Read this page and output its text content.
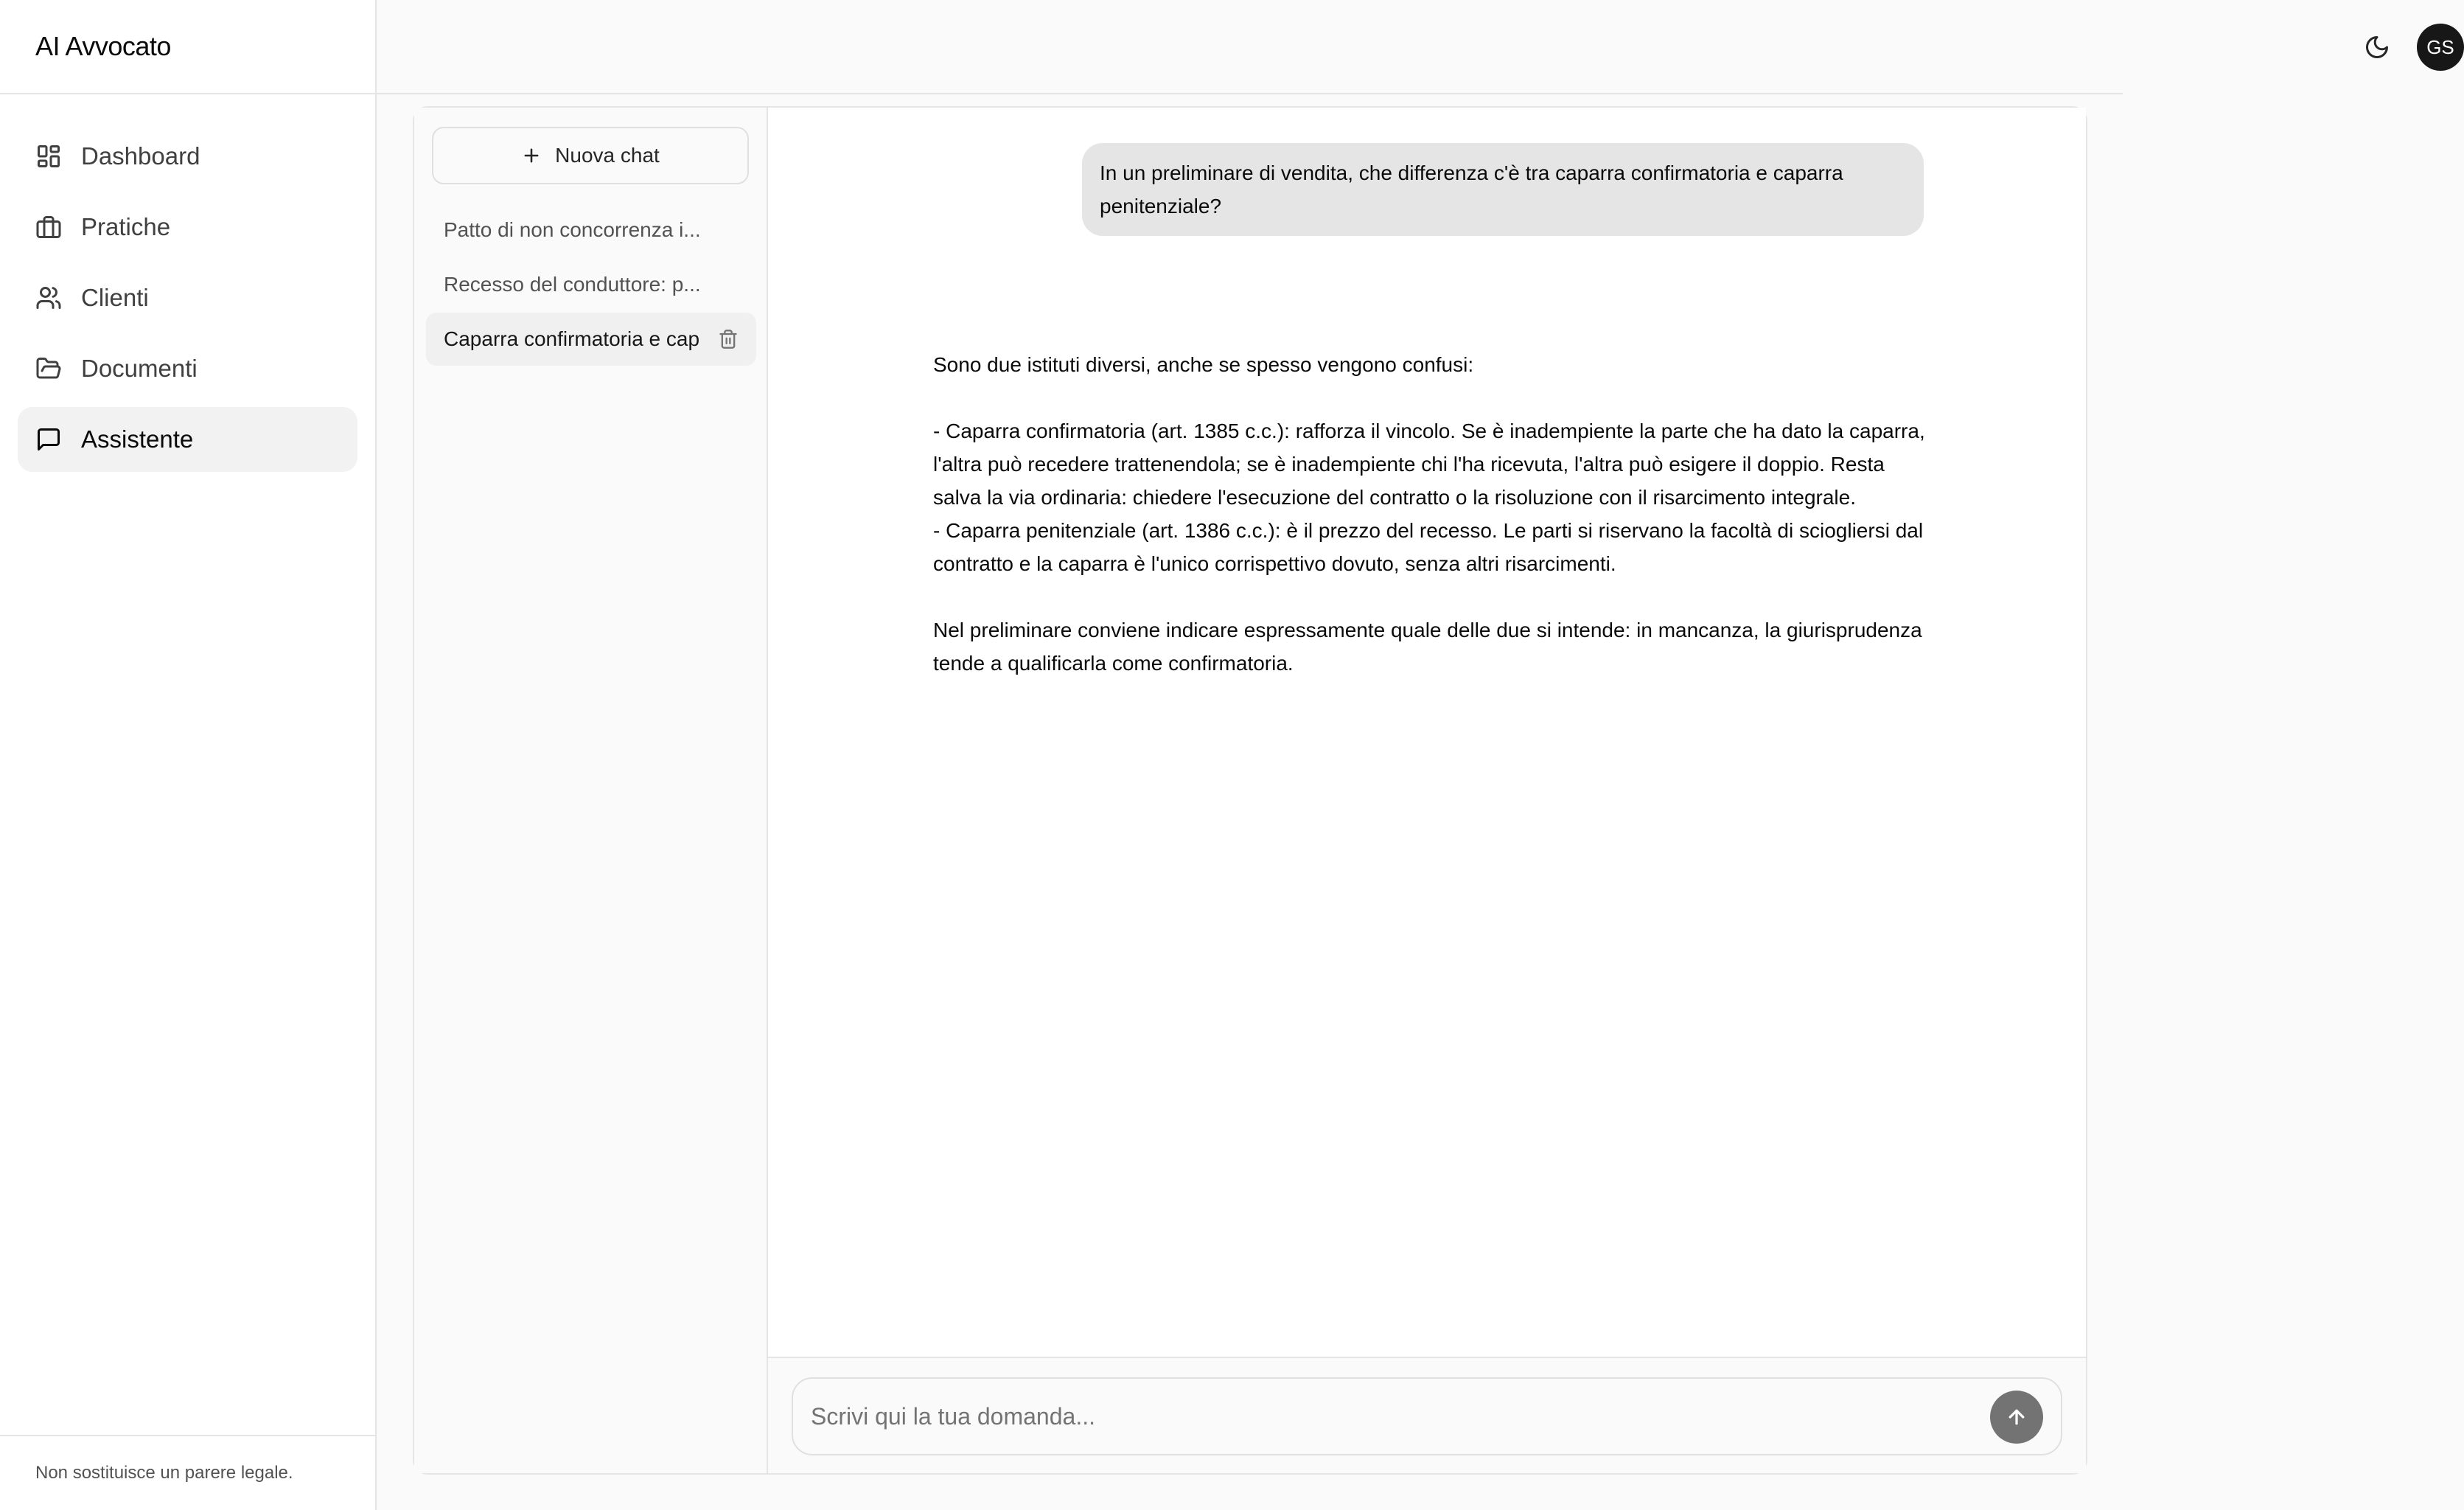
AI Avvocato
Dashboard
Pratiche
Clienti
Documenti
Assistente
Non sostituisce un parere legale.
GS
Nuova chat
Patto di non concorrenza i...
Recesso del conduttore: p...
Caparra confirmatoria e cap
In un preliminare di vendita, che differenza c'è tra caparra confirmatoria e caparra penitenziale?

Sono due istituti diversi, anche se spesso vengono confusi:

- Caparra confirmatoria (art. 1385 c.c.): rafforza il vincolo. Se è inadempiente la parte che ha dato la caparra, l'altra può recedere trattenendola; se è inadempiente chi l'ha ricevuta, l'altra può esigere il doppio. Resta salva la via ordinaria: chiedere l'esecuzione del contratto o la risoluzione con il risarcimento integrale.

- Caparra penitenziale (art. 1386 c.c.): è il prezzo del recesso. Le parti si riservano la facoltà di sciogliersi dal contratto e la caparra è l'unico corrispettivo dovuto, senza altri risarcimenti.

Nel preliminare conviene indicare espressamente quale delle due si intende: in mancanza, la giurisprudenza tende a qualificarla come confirmatoria.

Scrivi qui la tua domanda...
